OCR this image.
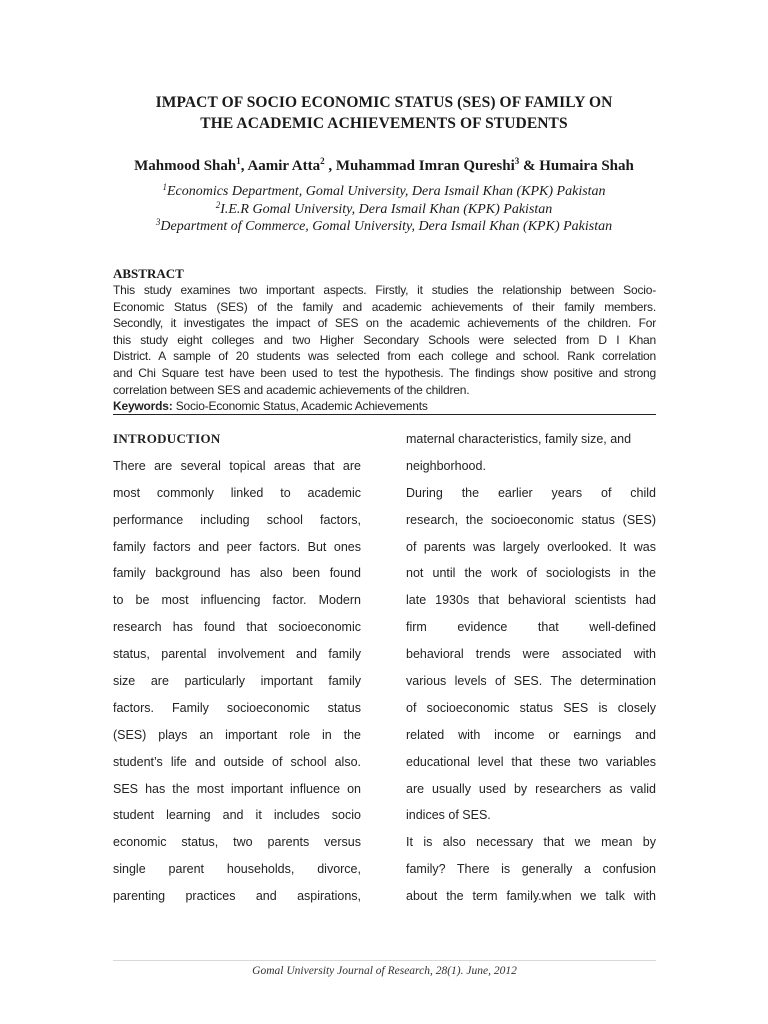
IMPACT OF SOCIO ECONOMIC STATUS (SES) OF FAMILY ON
THE ACADEMIC ACHIEVEMENTS OF STUDENTS
Mahmood Shah$^1$, Aamir Atta$^2$ , Muhammad Imran Qureshi$^3$ & Humaira Shah
$^1$Economics Department, Gomal University, Dera Ismail Khan (KPK) Pakistan
$^2$I.E.R Gomal University, Dera Ismail Khan (KPK) Pakistan
$^3$Department of Commerce, Gomal University, Dera Ismail Khan (KPK) Pakistan
ABSTRACT
This study examines two important aspects. Firstly, it studies the relationship between Socio-
Economic Status (SES) of the family and academic achievements of their family members.
Secondly, it investigates the impact of SES on the academic achievements of the children. For
this study eight colleges and two Higher Secondary Schools were selected from D I Khan
District. A sample of 20 students was selected from each college and school. Rank correlation
and Chi Square test have been used to test the hypothesis. The findings show positive and strong
correlation between SES and academic achievements of the children.
Keywords: Socio-Economic Status, Academic Achievements
INTRODUCTION
There are several topical areas that are
most commonly linked to academic
performance including school factors,
family factors and peer factors. But ones
family background has also been found
to be most influencing factor. Modern
research has found that socioeconomic
status, parental involvement and family
size are particularly important family
factors. Family socioeconomic status
(SES) plays an important role in the
student’s life and outside of school also.
SES has the most important influence on
student learning and it includes socio
economic status, two parents versus
single parent households, divorce,
parenting practices and aspirations,
maternal characteristics, family size, and
neighborhood.
During the earlier years of child
research, the socioeconomic status (SES)
of parents was largely overlooked. It was
not until the work of sociologists in the
late 1930s that behavioral scientists had
firm evidence that well-defined
behavioral trends were associated with
various levels of SES. The determination
of socioeconomic status SES is closely
related with income or earnings and
educational level that these two variables
are usually used by researchers as valid
indices of SES.
It is also necessary that we mean by
family? There is generally a confusion
about the term family.when we talk with
Gomal University Journal of Research, 28(1). June, 2012
